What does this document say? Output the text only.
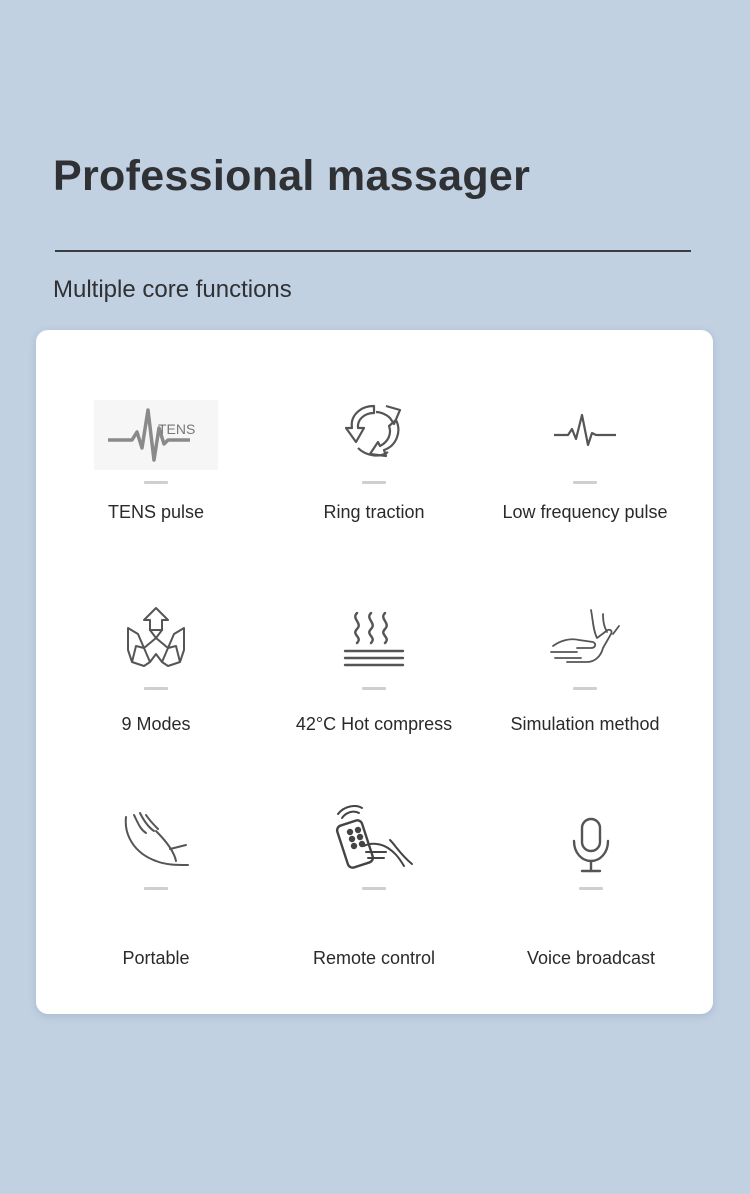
Professional massager
Multiple core functions
TENS
TENS pulse	Ring traction	Low frequency pulse
9 Modes	42°C Hot compress	Simulation method
Portable	Remote control	Voice broadcast
